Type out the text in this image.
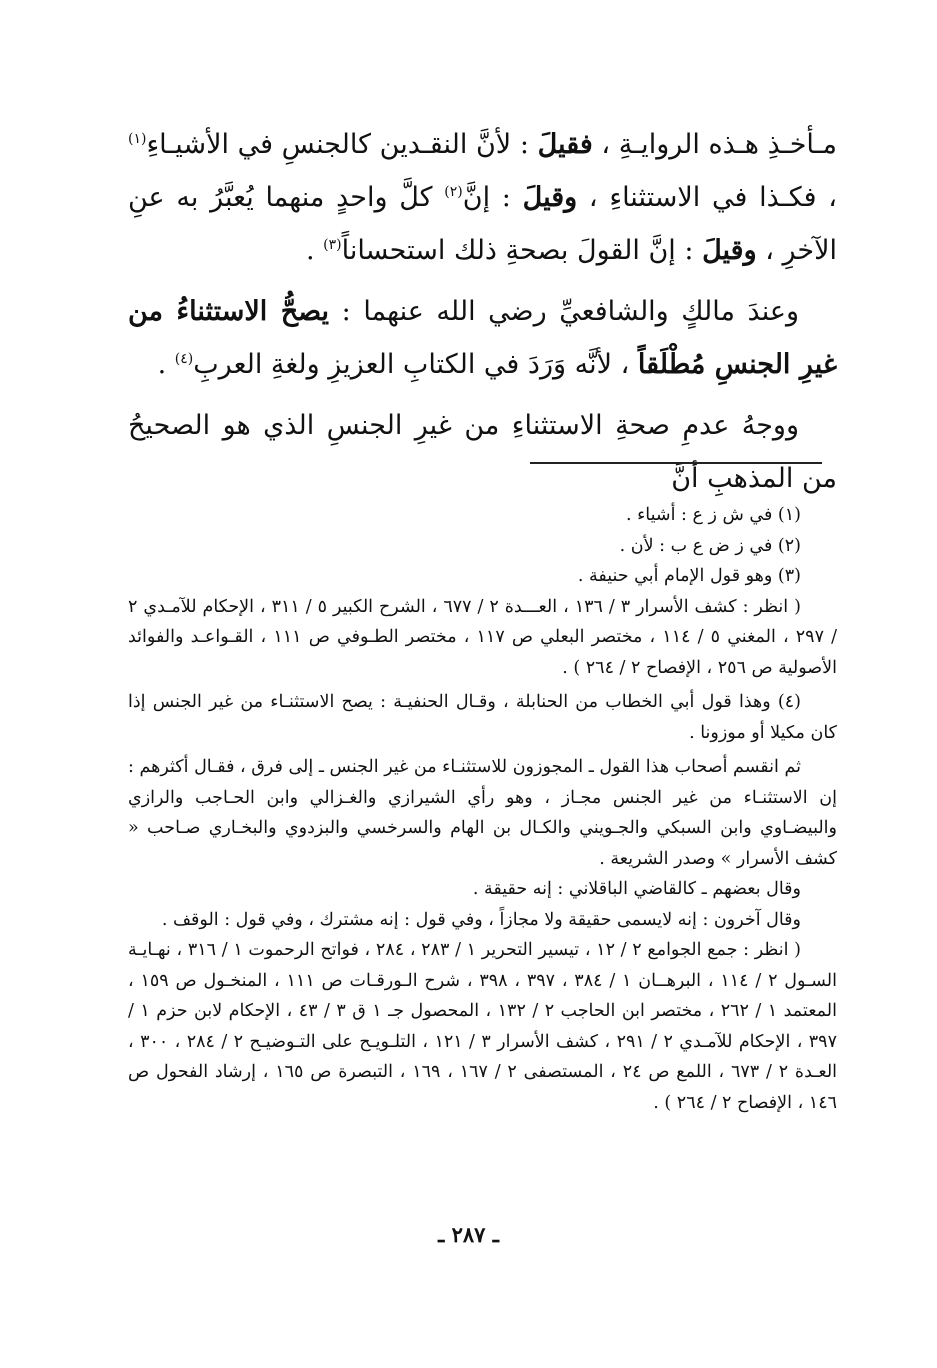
مـأخـذِ هـذه الروايـةِ ، فقيلَ : لأنَّ النقـدين كالجنسِ في الأشيـاءِ$^{(١)}$ ، فكـذا في الاستثناءِ ، وقيلَ : إنَّ$^{(٢)}$ كلَّ واحدٍ منهما يُعبَّرُ به عنِ الآخرِ ، وقيلَ : إنَّ القولَ بصحةِ ذلك استحساناً$^{(٣)}$ .

وعندَ مالكٍ والشافعيِّ رضي الله عنهما : يصحُّ الاستثناءُ من غيرِ الجنسِ مُطْلَقاً ، لأنَّه وَرَدَ في الكتابِ العزيزِ ولغةِ العربِ$^{(٤)}$ .

ووجهُ عدمِ صحةِ الاستثناءِ من غيرِ الجنسِ الذي هو الصحيحُ من المذهبِ أنَّ

(١) في ش ز ع : أشياء .

(٢) في ز ض ع ب : لأن .

(٣) وهو قول الإمام أبي حنيفة .

( انظر : كشف الأسرار ٣ / ١٣٦ ، العـــدة ٢ / ٦٧٧ ، الشرح الكبير ٥ / ٣١١ ، الإحكام للآمـدي ٢ / ٢٩٧ ، المغني ٥ / ١١٤ ، مختصر البعلي ص ١١٧ ، مختصر الطـوفي ص ١١١ ، القـواعـد والفوائد الأصولية ص ٢٥٦ ، الإفصاح ٢ / ٢٦٤ ) .

(٤) وهذا قول أبي الخطاب من الحنابلة ، وقـال الحنفيـة : يصح الاستثنـاء من غير الجنس إذا كان مكيلا أو موزونا .

ثم انقسم أصحاب هذا القول ـ المجوزون للاستثنـاء من غير الجنس ـ إلى فرق ، فقـال أكثرهم : إن الاستثنـاء من غير الجنس مجـاز ، وهو رأي الشيرازي والغـزالي وابن الحـاجب والرازي والبيضـاوي وابن السبكي والجـويني والكـال بن الهام والسرخسي والبزدوي والبخـاري صـاحب « كشف الأسرار » وصدر الشريعة .

وقال بعضهم ـ كالقاضي الباقلاني : إنه حقيقة .

وقال آخرون : إنه لايسمى حقيقة ولا مجازاً ، وفي قول : إنه مشترك ، وفي قول : الوقف .

( انظر : جمع الجوامع ٢ / ١٢ ، تيسير التحرير ١ / ٢٨٣ ، ٢٨٤ ، فواتح الرحموت ١ / ٣١٦ ، نهـايـة السـول ٢ / ١١٤ ، البرهــان ١ / ٣٨٤ ، ٣٩٧ ، ٣٩٨ ، شرح الـورقـات ص ١١١ ، المنخـول ص ١٥٩ ، المعتمد ١ / ٢٦٢ ، مختصر ابن الحاجب ٢ / ١٣٢ ، المحصول جـ ١ ق ٣ / ٤٣ ، الإحكام لابن حزم ١ / ٣٩٧ ، الإحكام للآمـدي ٢ / ٢٩١ ، كشف الأسرار ٣ / ١٢١ ، التلـويـح على التـوضيـح ٢ / ٢٨٤ ، ٣٠٠ ، العـدة ٢ / ٦٧٣ ، اللمع ص ٢٤ ، المستصفى ٢ / ١٦٧ ، ١٦٩ ، التبصرة ص ١٦٥ ، إرشاد الفحول ص ١٤٦ ، الإفصاح ٢ / ٢٦٤ ) .

ـ ٢٨٧ ـ
